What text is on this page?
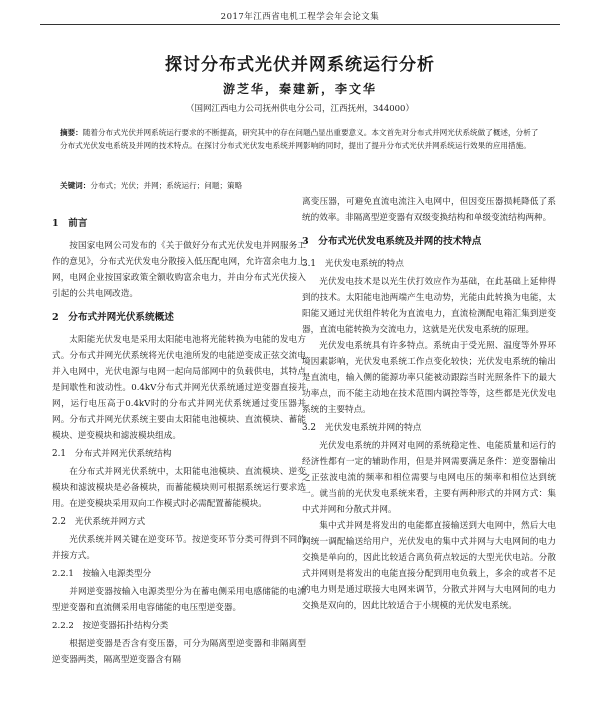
2017年江西省电机工程学会年会论文集
探讨分布式光伏并网系统运行分析
游芝华，秦建新，李文华
（国网江西电力公司抚州供电分公司，江西抚州，344000）
摘要：随着分布式光伏并网系统运行要求的不断提高，研究其中的存在问题凸显出重要意义。本文首先对分布式并网光伏系统做了概述，分析了分布式光伏发电系统及并网的技术特点。在探讨分布式光伏发电系统并网影响的同时，提出了提升分布式光伏并网系统运行效果的应用措施。
关键词：分布式；光伏；并网；系统运行；问题；策略
1　前言

按国家电网公司发布的《关于做好分布式光伏发电并网服务工作的意见》，分布式光伏发电分散接入低压配电网，允许富余电力上网，电网企业按国家政策全额收购富余电力，并由分布式光伏接入引起的公共电网改造。

2　分布式并网光伏系统概述

太阳能光伏发电是采用太阳能电池将光能转换为电能的发电方式。分布式并网光伏系统将光伏电池所发的电能逆变成正弦交流电并入电网中，光伏电源与电网一起向局部网中的负载供电，其特点是间歇性和波动性。0.4kV分布式并网光伏系统通过逆变器直接并网，运行电压高于0.4kV时的分布式并网光伏系统通过变压器并网。分布式并网光伏系统主要由太阳能电池模块、直流模块、蓄能模块、逆变模块和滤波模块组成。

2.1　分布式并网光伏系统结构

在分布式并网光伏系统中，太阳能电池模块、直流模块、逆变模块和滤波模块是必备模块，而蓄能模块则可根据系统运行要求选用。在逆变模块采用双向工作模式时必需配置蓄能模块。

2.2　光伏系统并网方式

光伏系统并网关键在逆变环节。按逆变环节分类可得到不同的并接方式。

2.2.1　按输入电源类型分

并网逆变器按输入电源类型分为在蓄电侧采用电感储能的电流型逆变器和直流侧采用电容储能的电压型逆变器。

2.2.2　按逆变器拓扑结构分类

根据逆变器是否含有变压器，可分为隔离型逆变器和非隔离型逆变器两类，隔离型逆变器含有隔

离变压器，可避免直流电流注入电网中，但因变压器损耗降低了系统的效率。非隔离型逆变器有双级变换结构和单级变流结构两种。

3　分布式光伏发电系统及并网的技术特点
3.1　光伏发电系统的特点

光伏发电技术是以光生伏打效应作为基础，在此基础上延伸得到的技术。太阳能电池两端产生电动势，光能由此转换为电能，太阳能又通过光伏组件转化为直流电力，直流检测配电箱汇集到逆变器，直流电能转换为交流电力，这就是光伏发电系统的原理。

光伏发电系统具有许多特点。系统由于受光照、温度等外界环境因素影响，光伏发电系统工作点变化较快；光伏发电系统的输出是直流电，输入侧的能源功率只能被动跟踪当时光照条件下的最大功率点，而不能主动地在技术范围内调控等等，这些都是光伏发电系统的主要特点。

3.2　光伏发电系统并网的特点

光伏发电系统的并网对电网的系统稳定性、电能质量和运行的经济性都有一定的辅助作用，但是并网需要满足条件：逆变器输出之正弦波电流的频率和相位需要与电网电压的频率和相位达到统一。就当前的光伏发电系统来看，主要有两种形式的并网方式：集中式并网和分散式并网。

集中式并网是将发出的电能都直接输送到大电网中，然后大电网统一调配输送给用户，光伏发电的集中式并网与大电网间的电力交换是单向的，因此比较适合离负荷点较远的大型光伏电站。分散式并网则是将发出的电能直接分配到用电负载上，多余的或者不足的电力则是通过联接大电网来调节，分散式并网与大电网间的电力交换是双向的，因此比较适合于小规模的光伏发电系统。
